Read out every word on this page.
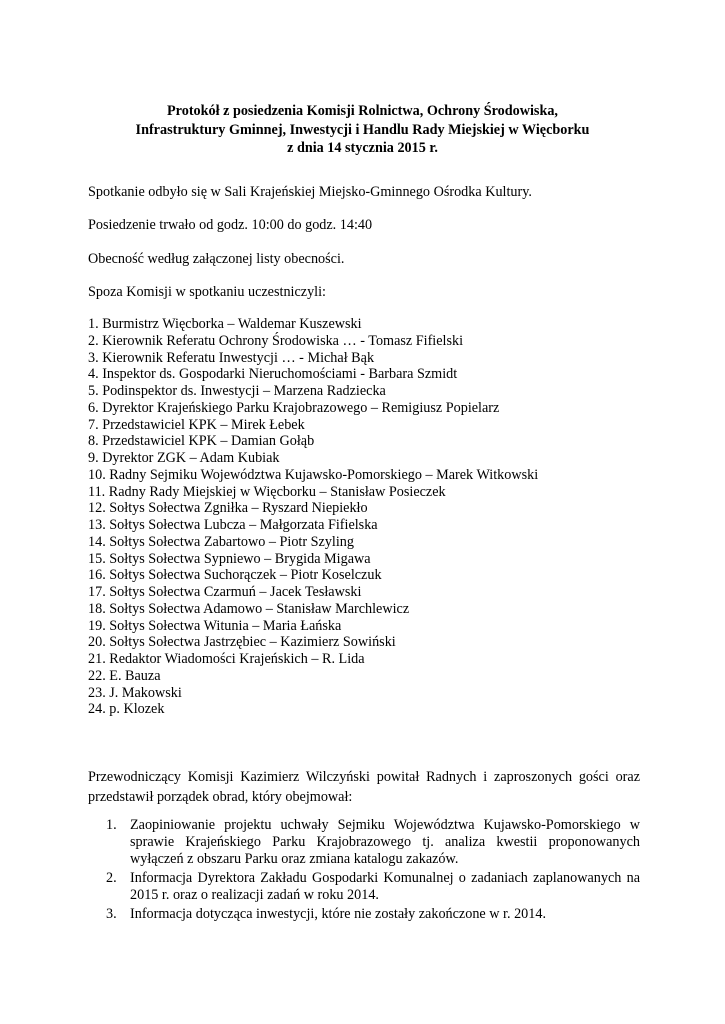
Protokół z posiedzenia Komisji Rolnictwa, Ochrony Środowiska,
Infrastruktury Gminnej, Inwestycji i Handlu Rady Miejskiej w Więcborku
z dnia 14 stycznia 2015 r.
Spotkanie odbyło się w Sali Krajeńskiej Miejsko-Gminnego Ośrodka Kultury.
Posiedzenie trwało od godz. 10:00 do godz. 14:40
Obecność według załączonej listy obecności.
Spoza Komisji w spotkaniu uczestniczyli:
1. Burmistrz Więcborka – Waldemar Kuszewski
2. Kierownik Referatu Ochrony Środowiska … - Tomasz Fifielski
3. Kierownik Referatu Inwestycji … - Michał Bąk
4. Inspektor ds. Gospodarki Nieruchomościami - Barbara Szmidt
5. Podinspektor ds. Inwestycji – Marzena Radziecka
6. Dyrektor Krajeńskiego Parku Krajobrazowego – Remigiusz Popielarz
7. Przedstawiciel KPK – Mirek Łebek
8. Przedstawiciel KPK – Damian Gołąb
9. Dyrektor ZGK – Adam Kubiak
10. Radny Sejmiku Województwa Kujawsko-Pomorskiego – Marek Witkowski
11. Radny Rady Miejskiej w Więcborku – Stanisław Posieczek
12. Sołtys Sołectwa Zgniłka – Ryszard Niepiekło
13. Sołtys Sołectwa Lubcza – Małgorzata Fifielska
14. Sołtys Sołectwa Zabartowo – Piotr Szyling
15. Sołtys Sołectwa Sypniewo – Brygida Migawa
16. Sołtys Sołectwa Suchorączek – Piotr Koselczuk
17. Sołtys Sołectwa Czarmuń – Jacek Tesławski
18. Sołtys Sołectwa Adamowo – Stanisław Marchlewicz
19. Sołtys Sołectwa Witunia – Maria Łańska
20. Sołtys Sołectwa Jastrzębiec – Kazimierz Sowiński
21. Redaktor Wiadomości Krajeńskich – R. Lida
22. E. Bauza
23. J. Makowski
24. p. Klozek
Przewodniczący Komisji Kazimierz Wilczyński powitał Radnych i zaproszonych gości oraz przedstawił porządek obrad, który obejmował:
1. Zaopiniowanie projektu uchwały Sejmiku Województwa Kujawsko-Pomorskiego w sprawie Krajeńskiego Parku Krajobrazowego tj. analiza kwestii proponowanych wyłączeń z obszaru Parku oraz zmiana katalogu zakazów.
2. Informacja Dyrektora Zakładu Gospodarki Komunalnej o zadaniach zaplanowanych na 2015 r. oraz o realizacji zadań w roku 2014.
3. Informacja dotycząca inwestycji, które nie zostały zakończone w r. 2014.
